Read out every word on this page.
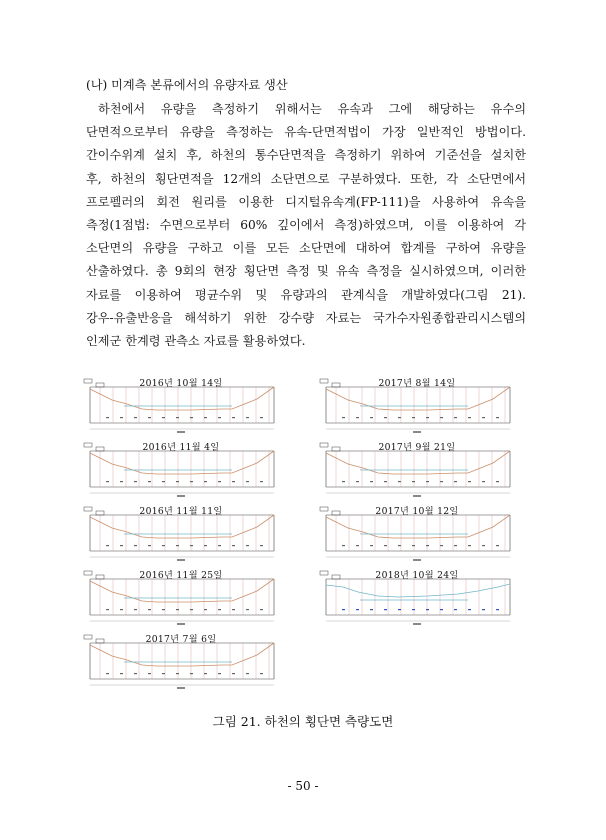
(나) 미계측 본류에서의 유량자료 생산
하천에서 유량을 측정하기 위해서는 유속과 그에 해당하는 유수의
단면적으로부터 유량을 측정하는 유속-단면적법이 가장 일반적인 방법이다.
간이수위계 설치 후, 하천의 통수단면적을 측정하기 위하여 기준선을 설치한
후, 하천의 횡단면적을 12개의 소단면으로 구분하였다. 또한, 각 소단면에서
프로펠러의 회전 원리를 이용한 디지털유속계(FP-111)을 사용하여 유속을
측정(1점법: 수면으로부터 60% 깊이에서 측정)하였으며, 이를 이용하여 각
소단면의 유량을 구하고 이를 모든 소단면에 대하여 합계를 구하여 유량을
산출하였다. 총 9회의 현장 횡단면 측정 및 유속 측정을 실시하였으며, 이러한
자료를 이용하여 평균수위 및 유량과의 관계식을 개발하였다(그림 21).
강우-유출반응을 해석하기 위한 강수량 자료는 국가수자원종합관리시스템의
인제군 한계령 관측소 자료를 활용하였다.
2016년 10월 14일
2016년 11월 4일
2016년 11월 11일
2016년 11월 25일
2017년 7월 6일
2017년 8월 14일
2017년 9월 21일
2017년 10월 12일
2018년 10월 24일
그림 21. 하천의 횡단면 측량도면
- 50 -
